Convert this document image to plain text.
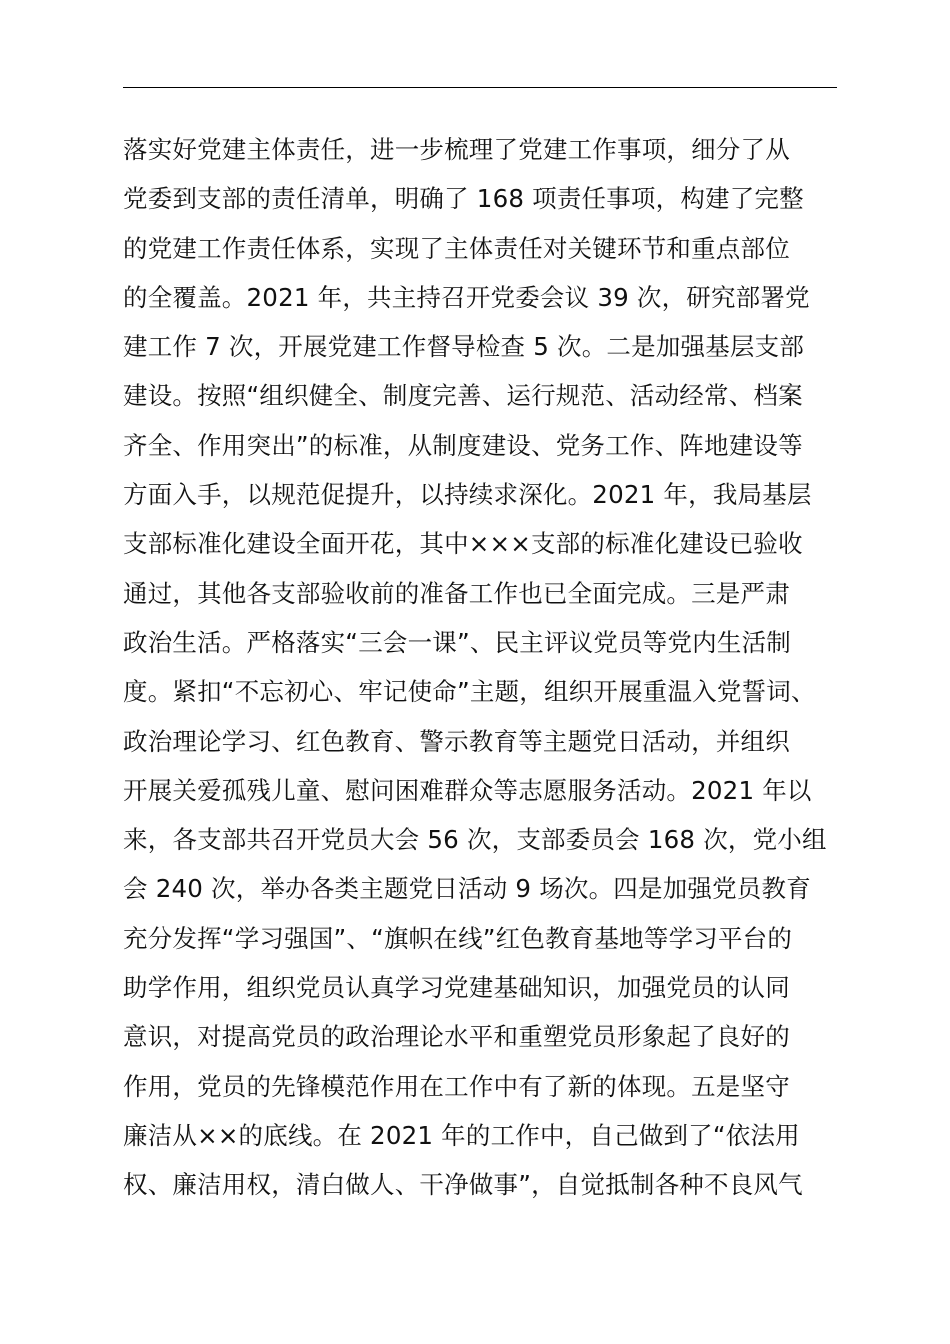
落实好党建主体责任，进一步梳理了党建工作事项，细分了从
党委到支部的责任清单，明确了 168 项责任事项，构建了完整
的党建工作责任体系，实现了主体责任对关键环节和重点部位
的全覆盖。2021 年，共主持召开党委会议 39 次，研究部署党
建工作 7 次，开展党建工作督导检查 5 次。二是加强基层支部
建设。按照“组织健全、制度完善、运行规范、活动经常、档案
齐全、作用突出”的标准，从制度建设、党务工作、阵地建设等
方面入手，以规范促提升，以持续求深化。2021 年，我局基层
支部标准化建设全面开花，其中×××支部的标准化建设已验收
通过，其他各支部验收前的准备工作也已全面完成。三是严肃
政治生活。严格落实“三会一课”、民主评议党员等党内生活制
度。紧扣“不忘初心、牢记使命”主题，组织开展重温入党誓词、
政治理论学习、红色教育、警示教育等主题党日活动，并组织
开展关爱孤残儿童、慰问困难群众等志愿服务活动。2021 年以
来，各支部共召开党员大会 56 次，支部委员会 168 次，党小组
会 240 次，举办各类主题党日活动 9 场次。四是加强党员教育
充分发挥“学习强国”、“旗帜在线”红色教育基地等学习平台的
助学作用，组织党员认真学习党建基础知识，加强党员的认同
意识，对提高党员的政治理论水平和重塑党员形象起了良好的
作用，党员的先锋模范作用在工作中有了新的体现。五是坚守
廉洁从××的底线。在 2021 年的工作中，自己做到了“依法用
权、廉洁用权，清白做人、干净做事”，自觉抵制各种不良风气
